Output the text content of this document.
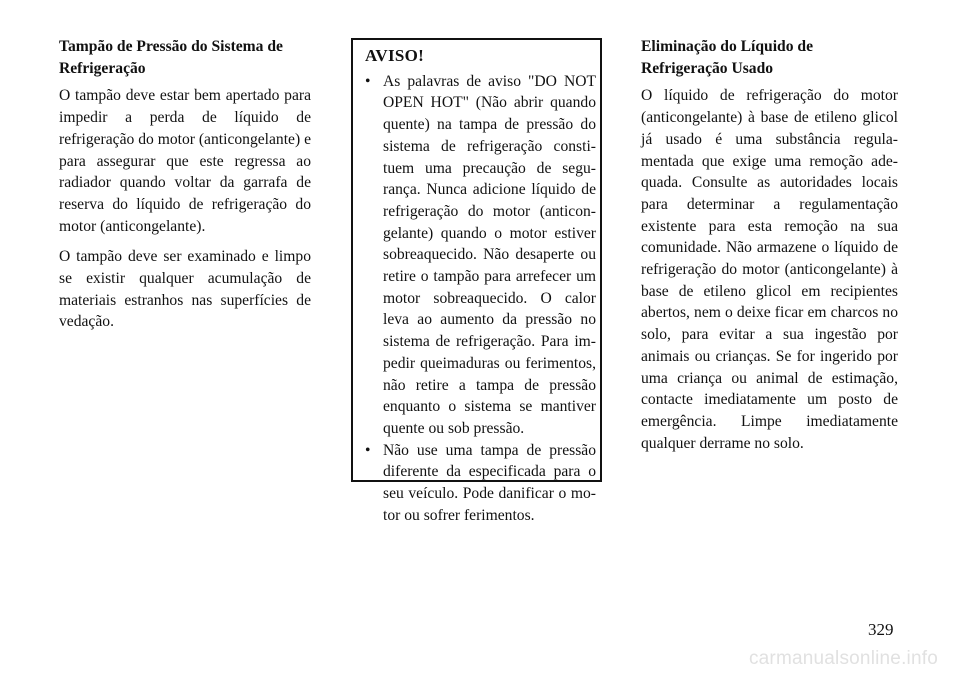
Tampão de Pressão do Sistema de Refrigeração

O tampão deve estar bem apertado para impedir a perda de líquido de refrigeração do motor (anticongelante) e para assegurar que este regressa ao radiador quando voltar da garrafa de reserva do líquido de refrigeração do motor (anticongelante).

O tampão deve ser examinado e limpo se existir qualquer acumulação de materiais estranhos nas superfícies de vedação.

AVISO!

• As palavras de aviso "DO NOT OPEN HOT" (Não abrir quando quente) na tampa de pressão do sistema de refrigeração constituem uma precaução de segurança. Nunca adicione líquido de refrigeração do motor (anticongelante) quando o motor estiver sobreaquecido. Não desaperte ou retire o tampão para arrefecer um motor sobreaquecido. O calor leva ao aumento da pressão no sistema de refrigeração. Para impedir queimaduras ou ferimentos, não retire a tampa de pressão enquanto o sistema se mantiver quente ou sob pressão.

• Não use uma tampa de pressão diferente da especificada para o seu veículo. Pode danificar o motor ou sofrer ferimentos.

Eliminação do Líquido de Refrigeração Usado

O líquido de refrigeração do motor (anticongelante) à base de etileno glicol já usado é uma substância regulamentada que exige uma remoção adequada. Consulte as autoridades locais para determinar a regulamentação existente para esta remoção na sua comunidade. Não armazene o líquido de refrigeração do motor (anticongelante) à base de etileno glicol em recipientes abertos, nem o deixe ficar em charcos no solo, para evitar a sua ingestão por animais ou crianças. Se for ingerido por uma criança ou animal de estimação, contacte imediatamente um posto de emergência. Limpe imediatamente qualquer derrame no solo.

329
carmanualsonline.info
